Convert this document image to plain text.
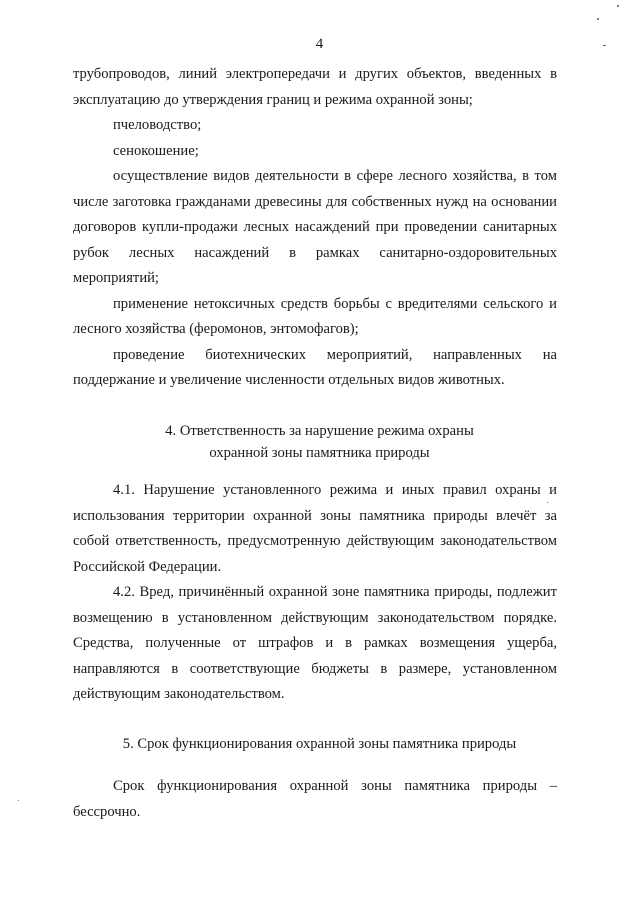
4

трубопроводов, линий электропередачи и других объектов, введенных в эксплуатацию до утверждения границ и режима охранной зоны;

пчеловодство;

сенокошение;

осуществление видов деятельности в сфере лесного хозяйства, в том числе заготовка гражданами древесины для собственных нужд на основании договоров купли-продажи лесных насаждений при проведении санитарных рубок лесных насаждений в рамках санитарно-оздоровительных мероприятий;

применение нетоксичных средств борьбы с вредителями сельского и лесного хозяйства (феромонов, энтомофагов);

проведение биотехнических мероприятий, направленных на поддержание и увеличение численности отдельных видов животных.

4. Ответственность за нарушение режима охраны
охранной зоны памятника природы

4.1. Нарушение установленного режима и иных правил охраны и использования территории охранной зоны памятника природы влечёт за собой ответственность, предусмотренную действующим законодательством Российской Федерации.

4.2. Вред, причинённый охранной зоне памятника природы, подлежит возмещению в установленном действующим законодательством порядке. Средства, полученные от штрафов и в рамках возмещения ущерба, направляются в соответствующие бюджеты в размере, установленном действующим законодательством.

5. Срок функционирования охранной зоны памятника природы

Срок функционирования охранной зоны памятника природы – бессрочно.
